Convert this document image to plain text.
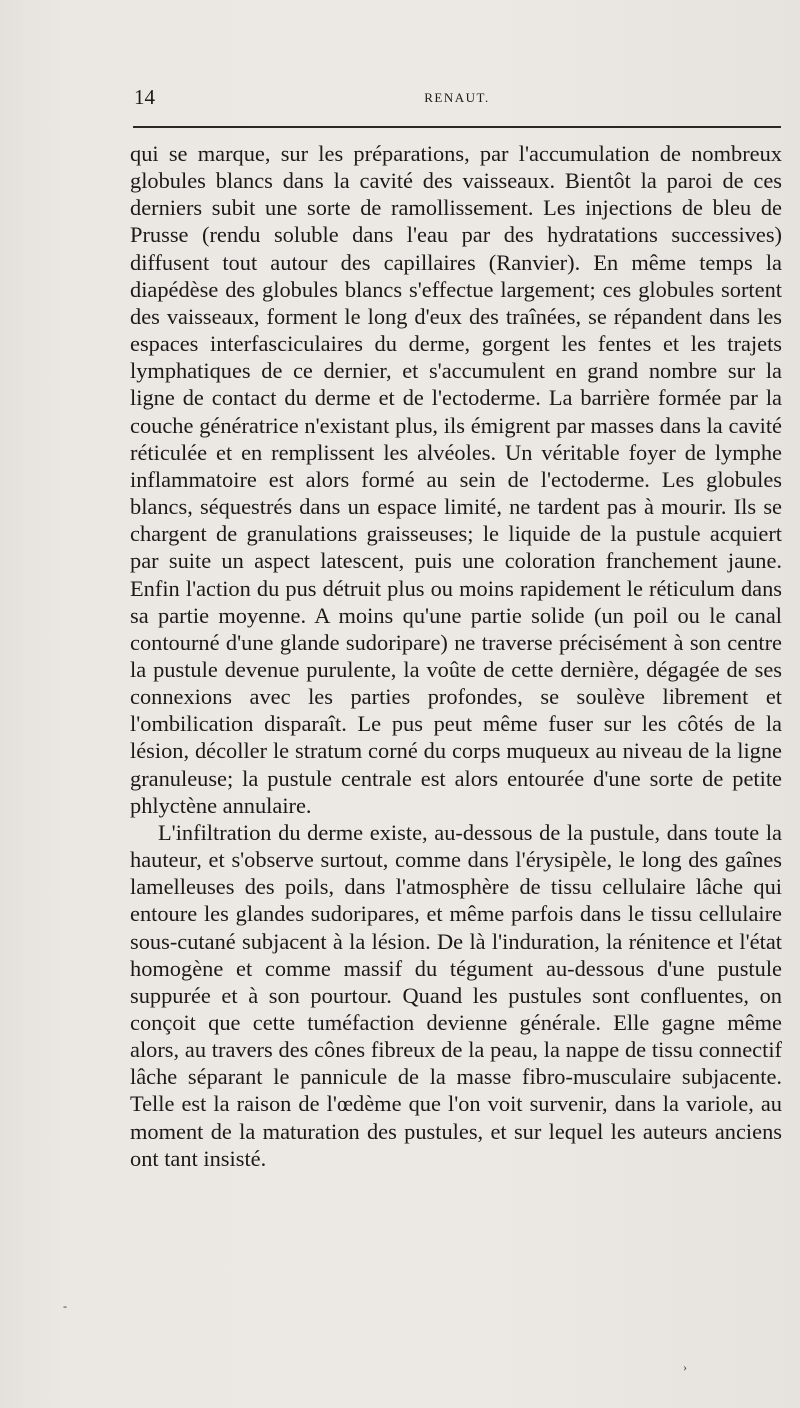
14	RENAUT.

qui se marque, sur les préparations, par l'accumulation de nombreux globules blancs dans la cavité des vaisseaux. Bientôt la paroi de ces derniers subit une sorte de ramollissement. Les injections de bleu de Prusse (rendu soluble dans l'eau par des hydratations successives) diffusent tout autour des capillaires (Ranvier). En même temps la diapédèse des globules blancs s'effectue largement; ces globules sortent des vaisseaux, forment le long d'eux des traînées, se répandent dans les espaces interfasciculaires du derme, gorgent les fentes et les trajets lymphatiques de ce dernier, et s'accumulent en grand nombre sur la ligne de contact du derme et de l'ectoderme. La barrière formée par la couche génératrice n'existant plus, ils émigrent par masses dans la cavité réticulée et en remplissent les alvéoles. Un véritable foyer de lymphe inflammatoire est alors formé au sein de l'ectoderme. Les globules blancs, séquestrés dans un espace limité, ne tardent pas à mourir. Ils se chargent de granulations graisseuses; le liquide de la pustule acquiert par suite un aspect latescent, puis une coloration franchement jaune. Enfin l'action du pus détruit plus ou moins rapidement le réticulum dans sa partie moyenne. A moins qu'une partie solide (un poil ou le canal contourné d'une glande sudoripare) ne traverse précisément à son centre la pustule devenue purulente, la voûte de cette dernière, dégagée de ses connexions avec les parties profondes, se soulève librement et l'ombilication disparaît. Le pus peut même fuser sur les côtés de la lésion, décoller le stratum corné du corps muqueux au niveau de la ligne granuleuse; la pustule centrale est alors entourée d'une sorte de petite phlyctène annulaire.

L'infiltration du derme existe, au-dessous de la pustule, dans toute la hauteur, et s'observe surtout, comme dans l'érysipèle, le long des gaînes lamelleuses des poils, dans l'atmosphère de tissu cellulaire lâche qui entoure les glandes sudoripares, et même parfois dans le tissu cellulaire sous-cutané subjacent à la lésion. De là l'induration, la rénitence et l'état homogène et comme massif du tégument au-dessous d'une pustule suppurée et à son pourtour. Quand les pustules sont confluentes, on conçoit que cette tuméfaction devienne générale. Elle gagne même alors, au travers des cônes fibreux de la peau, la nappe de tissu connectif lâche séparant le pannicule de la masse fibro-musculaire subjacente. Telle est la raison de l'œdème que l'on voit survenir, dans la variole, au moment de la maturation des pustules, et sur lequel les auteurs anciens ont tant insisté.

-
›
